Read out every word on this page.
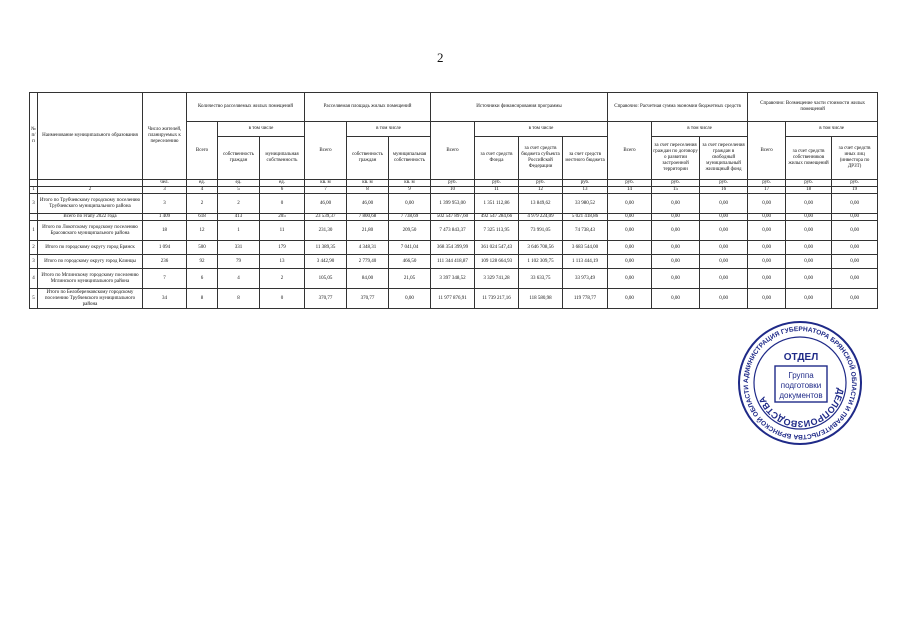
2
№ п/п	Наименование муниципального образования	Число жителей, планируемых к переселению	Количество расселяемых жилых помещений			Расселяемая площадь жилых помещений			Источники финансирования программы				Справочно: Расчетная сумма экономии бюджетных средств			Справочно: Возмещение части стоимости жилых помещений		
			Всего	в том числе		Всего	в том числе		Всего	в том числе			Всего	в том числе		Всего	в том числе	
				собственность граждан	муниципальная собственность		собственность граждан	муниципальная собственность		за счет средств Фонда	за счет средств бюджета субъекта Российской Федерации	за счет средств местного бюджета		за счет переселения граждан по договору о развитии застроенной территории	за счет переселения граждан в свободный муниципальный жилищный фонд		за счет средств собственников жилых помещений	за счет средств иных лиц (инвестора по ДРЗТ)
		чел.	ед.	ед.	ед.	кв. м	кв. м	кв. м	руб.	руб.	руб.	руб.	руб.	руб.	руб.	руб.	руб.	руб.
1	2	3	4	5	6	7	8	9	10	11	12	13	14	15	16	17	18	19
3	Итого по Трубчевскому городскому поселению Трубчевского муниципального района	3	2	2	0	46,00	46,00	0,00	1 399 953,00	1 351 112,86	13 849,62	33 980,52	0,00	0,00	0,00	0,00	0,00	0,00
	Всего по этапу 2022 года	1 409	618	413	205	23 539,37	7 800,68	7 738,69	502 547 897,60	492 547 284,66	4 979 224,09	5 021 418,86	0,00	0,00	0,00	0,00	0,00	0,00
1	Итого по Локотскому городскому поселению Брасовского муниципального района	18	12	1	11	231,30	21,80	209,50	7 473 843,37	7 325 113,95	73 991,05	74 738,43	0,00	0,00	0,00	0,00	0,00	0,00
2	Итого по городскому округу город Брянск	1 094	500	331	179	11 389,35	4 348,31	7 041,04	368 354 399,99	361 024 547,43	3 646 708,56	3 683 544,00	0,00	0,00	0,00	0,00	0,00	0,00
3	Итого по городскому округу город Клинцы	236	92	79	13	3 442,90	2 779,40	466,50	111 344 418,87	109 128 664,93	1 102 309,75	1 113 444,19	0,00	0,00	0,00	0,00	0,00	0,00
4	Итого по Мглинскому городскому поселению Мглинского муниципального района	7	6	4	2	105,05	84,00	21,05	3 397 348,52	3 329 741,28	33 633,75	33 973,49	0,00	0,00	0,00	0,00	0,00	0,00
5	Итого по Белоберезковскому городскому поселению Трубчевского муниципального района	34	8	8	0	370,77	370,77	0,00	11 977 876,91	11 739 217,16	118 580,98	119 778,77	0,00	0,00	0,00	0,00	0,00	0,00
АДМИНИСТРАЦИЯ ГУБЕРНАТОРА БРЯНСКОЙ ОБЛАСТИ И ПРАВИТЕЛЬСТВА БРЯНСКОЙ ОБЛАСТИ
ДЕЛОПРОИЗВОДСТВА
ОТДЕЛ
Группа
подготовки
документов
